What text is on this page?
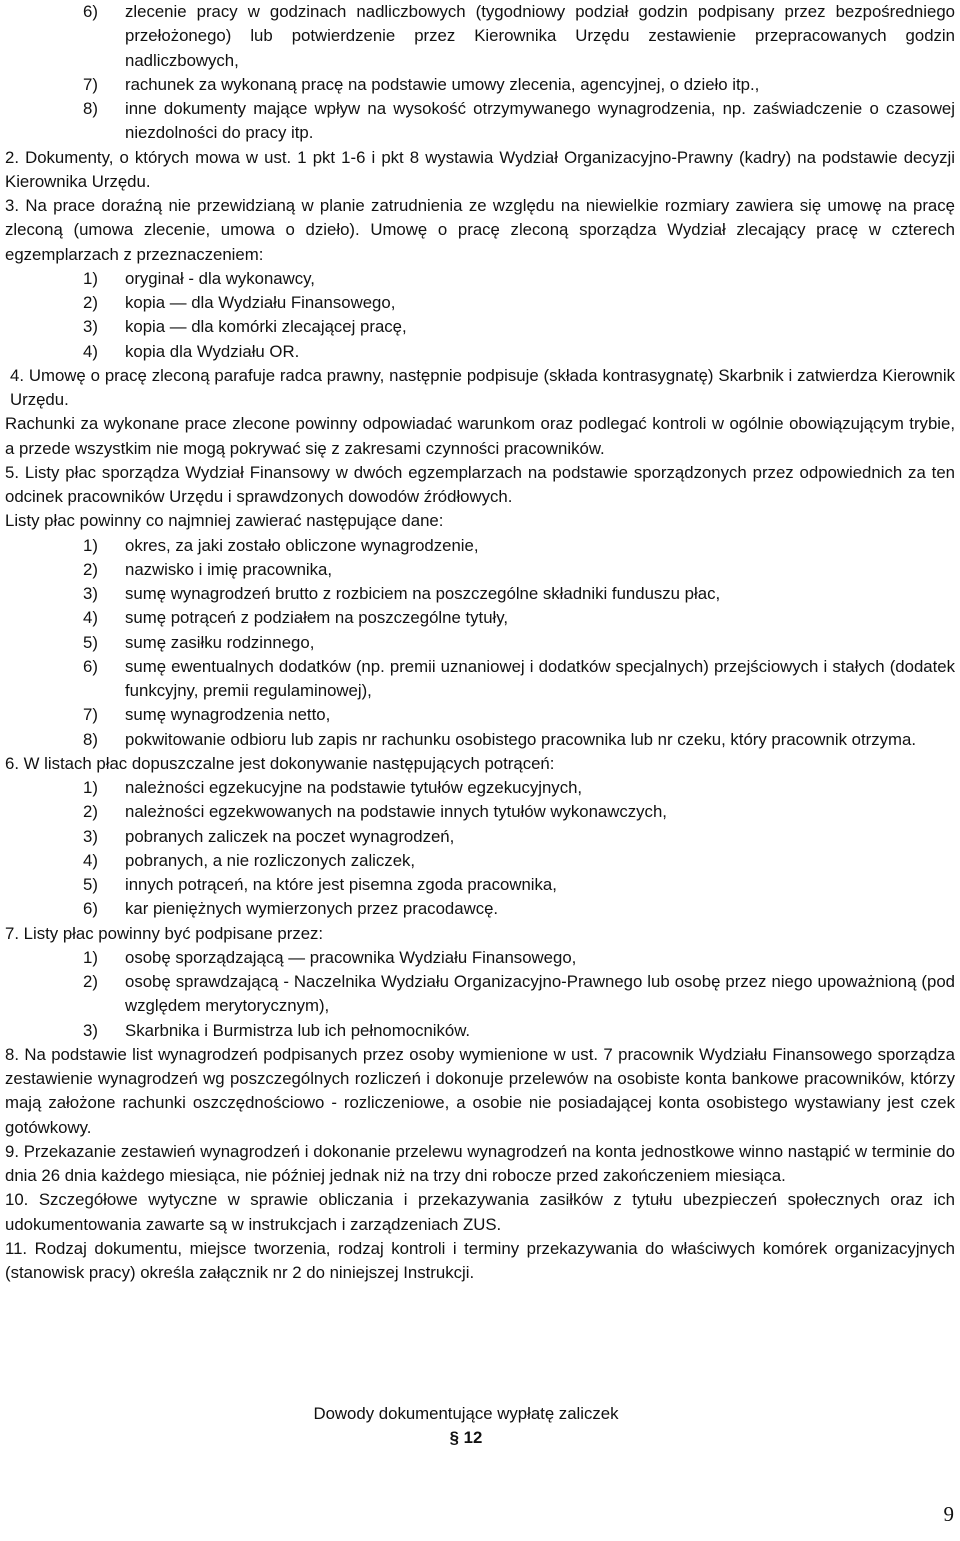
6) zlecenie pracy w godzinach nadliczbowych (tygodniowy podział godzin podpisany przez bezpośredniego przełożonego) lub potwierdzenie przez Kierownika Urzędu zestawienie przepracowanych godzin nadliczbowych,
7) rachunek za wykonaną pracę na podstawie umowy zlecenia, agencyjnej, o dzieło itp.,
8) inne dokumenty mające wpływ na wysokość otrzymywanego wynagrodzenia, np. zaświadczenie o czasowej niezdolności do pracy itp.

2. Dokumenty, o których mowa w ust. 1 pkt 1-6 i pkt 8 wystawia Wydział Organizacyjno-Prawny (kadry) na podstawie decyzji Kierownika Urzędu.

3. Na prace doraźną nie przewidzianą w planie zatrudnienia ze względu na niewielkie rozmiary zawiera się umowę na pracę zleconą (umowa zlecenie, umowa o dzieło). Umowę o pracę zleconą sporządza Wydział zlecający pracę w czterech egzemplarzach z przeznaczeniem:

1) oryginał - dla wykonawcy,
2) kopia — dla Wydziału Finansowego,
3) kopia — dla komórki zlecającej pracę,
4) kopia dla Wydziału OR.

4. Umowę o pracę zleconą parafuje radca prawny, następnie podpisuje (składa kontrasygnatę) Skarbnik i zatwierdza Kierownik Urzędu.

Rachunki za wykonane prace zlecone powinny odpowiadać warunkom oraz podlegać kontroli w ogólnie obowiązującym trybie, a przede wszystkim nie mogą pokrywać się z zakresami czynności pracowników.

5. Listy płac sporządza Wydział Finansowy w dwóch egzemplarzach na podstawie sporządzonych przez odpowiednich za ten odcinek pracowników Urzędu i sprawdzonych dowodów źródłowych.

Listy płac powinny co najmniej zawierać następujące dane:

1) okres, za jaki zostało obliczone wynagrodzenie,
2) nazwisko i imię pracownika,
3) sumę wynagrodzeń brutto z rozbiciem na poszczególne składniki funduszu płac,
4) sumę potrąceń z podziałem na poszczególne tytuły,
5) sumę zasiłku rodzinnego,
6) sumę ewentualnych dodatków (np. premii uznaniowej i dodatków specjalnych) przejściowych i stałych (dodatek funkcyjny, premii regulaminowej),
7) sumę wynagrodzenia netto,
8) pokwitowanie odbioru lub zapis nr rachunku osobistego pracownika lub nr czeku, który pracownik otrzyma.

6. W listach płac dopuszczalne jest dokonywanie następujących potrąceń:

1) należności egzekucyjne na podstawie tytułów egzekucyjnych,
2) należności egzekwowanych na podstawie innych tytułów wykonawczych,
3) pobranych zaliczek na poczet wynagrodzeń,
4) pobranych, a nie rozliczonych zaliczek,
5) innych potrąceń, na które jest pisemna zgoda pracownika,
6) kar pieniężnych wymierzonych przez pracodawcę.

7. Listy płac powinny być podpisane przez:

1) osobę sporządzającą — pracownika Wydziału Finansowego,
2) osobę sprawdzającą - Naczelnika Wydziału Organizacyjno-Prawnego lub osobę przez niego upoważnioną (pod względem merytorycznym),
3) Skarbnika i Burmistrza lub ich pełnomocników.

8. Na podstawie list wynagrodzeń podpisanych przez osoby wymienione w ust. 7 pracownik Wydziału Finansowego sporządza zestawienie wynagrodzeń wg poszczególnych rozliczeń i dokonuje przelewów na osobiste konta bankowe pracowników, którzy mają założone rachunki oszczędnościowo - rozliczeniowe, a osobie nie posiadającej konta osobistego wystawiany jest czek gotówkowy.

9. Przekazanie zestawień wynagrodzeń i dokonanie przelewu wynagrodzeń na konta jednostkowe winno nastąpić w terminie do dnia 26 dnia każdego miesiąca, nie później jednak niż na trzy dni robocze przed zakończeniem miesiąca.

10. Szczegółowe wytyczne w sprawie obliczania i przekazywania zasiłków z tytułu ubezpieczeń społecznych oraz ich udokumentowania zawarte są w instrukcjach i zarządzeniach ZUS.

11. Rodzaj dokumentu, miejsce tworzenia, rodzaj kontroli i terminy przekazywania do właściwych komórek organizacyjnych (stanowisk pracy) określa załącznik nr 2 do niniejszej Instrukcji.

Dowody dokumentujące wypłatę zaliczek
§ 12
9
